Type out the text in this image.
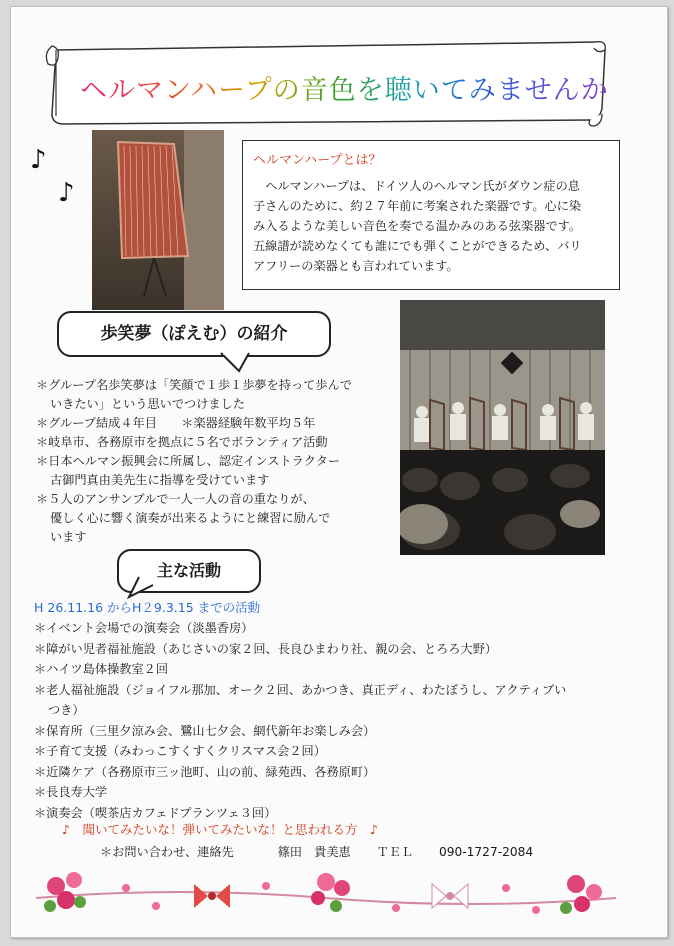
ヘルマンハープの音色を聴いてみませんか？
♪
♪
ヘルマンハープとは？
ヘルマンハープは、ドイツ人のヘルマン氏がダウン症の息
子さんのために、約２７年前に考案された楽器です。心に染
み入るような美しい音色を奏でる温かみのある弦楽器です。
五線譜が読めなくても誰にでも弾くことができるため、バリ
アフリーの楽器とも言われています。
歩笑夢（ぽえむ）の紹介
＊グループ名歩笑夢は「笑顔で１歩１歩夢を持って歩んで
いきたい」という思いでつけました
＊グループ結成４年目　　＊楽器経験年数平均５年
＊岐阜市、各務原市を拠点に５名でボランティア活動
＊日本ヘルマン振興会に所属し、認定インストラクター
古御門真由美先生に指導を受けています
＊５人のアンサンブルで一人一人の音の重なりが、
優しく心に響く演奏が出来るようにと練習に励んで
います
主な活動
H 26.11.16 からH２9.3.15 までの活動
＊イベント会場での演奏会（淡墨香房）
＊障がい児者福祉施設（あじさいの家２回、長良ひまわり社、親の会、とろろ大野）
＊ハイツ島体操教室２回
＊老人福祉施設（ジョイフル那加、オーク２回、あかつき、真正ディ、わたぼうし、アクティブい
つき）
＊保育所（三里夕涼み会、鷺山七夕会、網代新年お楽しみ会）
＊子育て支援（みわっこすくすくクリスマス会２回）
＊近隣ケア（各務原市三ッ池町、山の前、緑苑西、各務原町）
＊長良寿大学
＊演奏会（喫茶店カフェドプランツェ３回）
♪　聞いてみたいな！弾いてみたいな！と思われる方　♪
＊お問い合わせ、連絡先	篠田　貴美恵 ＴＥＬ 090-1727-2084
